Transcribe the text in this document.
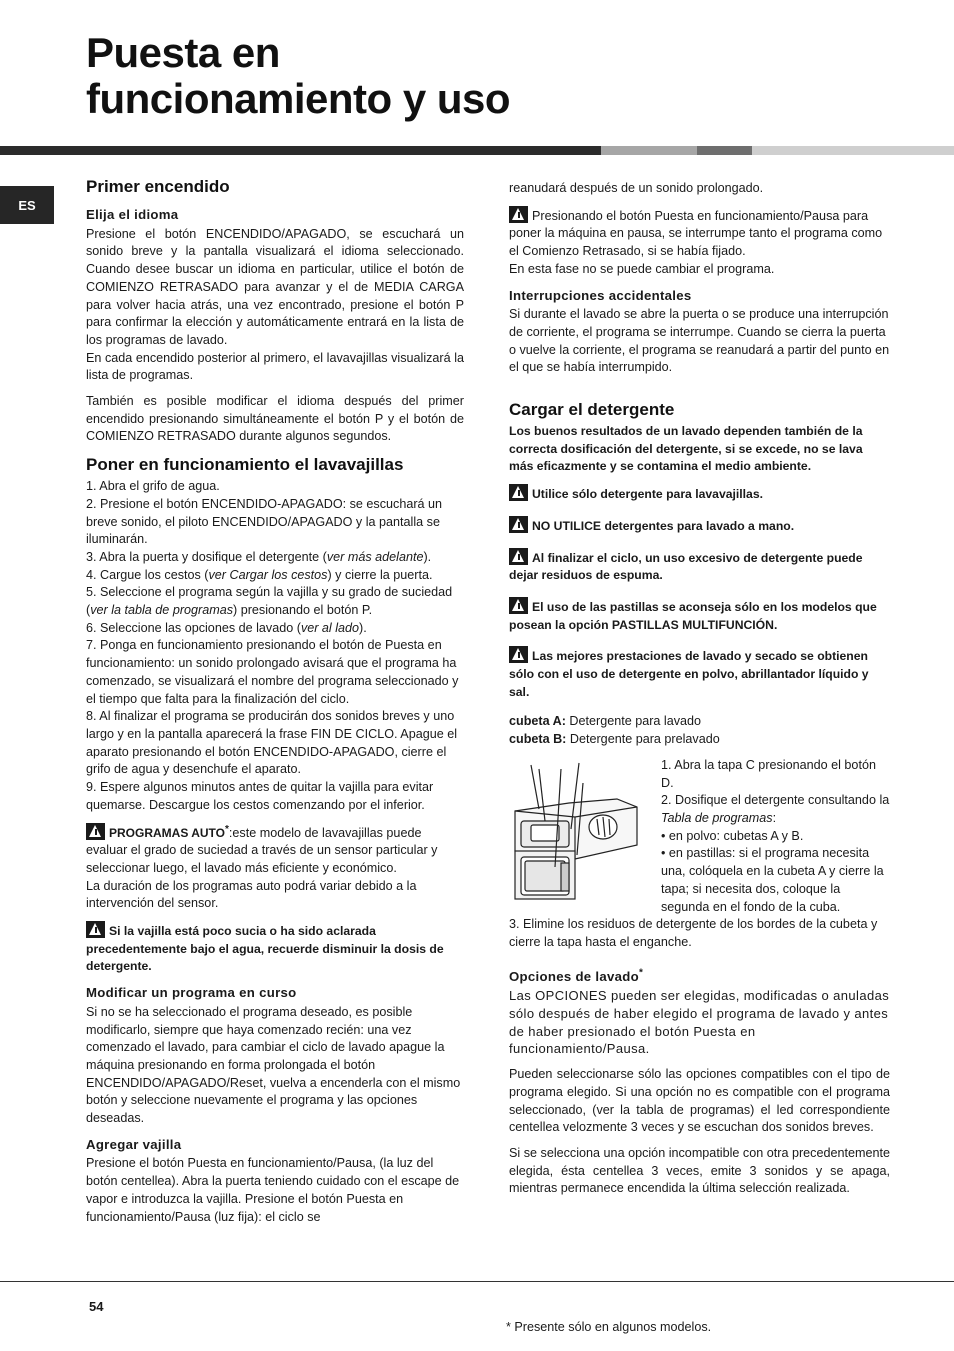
Puesta en
funcionamiento y uso
ES
Primer encendido
Elija el idioma

Presione el botón ENCENDIDO/APAGADO, se escuchará un sonido breve y la pantalla visualizará el idioma seleccionado. Cuando desee buscar un idioma en particular, utilice el botón de COMIENZO RETRASADO para avanzar y el de MEDIA CARGA para volver hacia atrás, una vez encontrado, presione el botón P para confirmar la elección y automáticamente entrará en la lista de los programas de lavado.

En cada encendido posterior al primero, el lavavajillas visualizará la lista de programas.

También es posible modificar el idioma después del primer encendido presionando simultáneamente el botón P y el botón de COMIENZO RETRASADO durante algunos segundos.

Poner en funcionamiento el lavavajillas

1. Abra el grifo de agua.

2. Presione el botón ENCENDIDO-APAGADO: se escuchará un breve sonido, el piloto ENCENDIDO/APAGADO y la pantalla se iluminarán.

3. Abra la puerta y dosifique el detergente (ver más adelante).

4. Cargue los cestos (ver Cargar los cestos) y cierre la puerta.

5. Seleccione el programa según la vajilla y su grado de suciedad (ver la tabla de programas) presionando el botón P.

6. Seleccione las opciones de lavado (ver al lado).

7. Ponga en funcionamiento presionando el botón de Puesta en funcionamiento: un sonido prolongado avisará que el programa ha comenzado, se visualizará el nombre del programa seleccionado y el tiempo que falta para la finalización del ciclo.

8. Al finalizar el programa se producirán dos sonidos breves y uno largo y en la pantalla aparecerá la frase FIN DE CICLO. Apague el aparato presionando el botón ENCENDIDO-APAGADO, cierre el grifo de agua y desenchufe el aparato.

9. Espere algunos minutos antes de quitar la vajilla para evitar quemarse. Descargue los cestos comenzando por el inferior.

PROGRAMAS AUTO*:este modelo de lavavajillas puede evaluar el grado de suciedad a través de un sensor particular y seleccionar luego, el lavado más eficiente y económico.

La duración de los programas auto podrá variar debido a la intervención del sensor.

Si la vajilla está poco sucia o ha sido aclarada precedentemente bajo el agua, recuerde disminuir la dosis de detergente.

Modificar un programa en curso

Si no se ha seleccionado el programa deseado, es posible modificarlo, siempre que haya comenzado recién: una vez comenzado el lavado, para cambiar el ciclo de lavado apague la máquina presionando en forma prolongada el botón ENCENDIDO/APAGADO/Reset, vuelva a encenderla con el mismo botón y seleccione nuevamente el programa y las opciones deseadas.

Agregar vajilla

Presione el botón Puesta en funcionamiento/Pausa, (la luz del botón centellea). Abra la puerta teniendo cuidado con el escape de vapor e introduzca la vajilla. Presione el botón Puesta en funcionamiento/Pausa (luz fija): el ciclo se

reanudará después de un sonido prolongado.

Presionando el botón Puesta en funcionamiento/Pausa para poner la máquina en pausa, se interrumpe tanto el programa como el Comienzo Retrasado, si se había fijado.

En esta fase no se puede cambiar el programa.

Interrupciones accidentales

Si durante el lavado se abre la puerta o se produce una interrupción de corriente, el programa se interrumpe. Cuando se cierra la puerta o vuelve la corriente, el programa se reanudará a partir del punto en el que se había interrumpido.

Cargar el detergente

Los buenos resultados de un lavado dependen también de la correcta dosificación del detergente, si se excede, no se lava más eficazmente y se contamina el medio ambiente.

Utilice sólo detergente para lavavajillas.

NO UTILICE detergentes para lavado a mano.

Al finalizar el ciclo, un uso excesivo de detergente puede dejar residuos de espuma.

El uso de las pastillas se aconseja sólo en los modelos que posean la opción PASTILLAS MULTIFUNCIÓN.

Las mejores prestaciones de lavado y secado se obtienen sólo con el uso de detergente en polvo, abrillantador líquido y sal.

cubeta A: Detergente para lavado

cubeta B: Detergente para prelavado

1. Abra la tapa C presionando el botón D.

2. Dosifique el detergente consultando la Tabla de programas:

• en polvo: cubetas A y B.

• en pastillas: si el programa necesita una, colóquela en la cubeta A y cierre la tapa; si necesita dos, coloque la segunda en el fondo de la cuba.

3. Elimine los residuos de detergente de los bordes de la cubeta y cierre la tapa hasta el enganche.

Opciones de lavado*

Las OPCIONES pueden ser elegidas, modificadas o anuladas sólo después de haber elegido el programa de lavado y antes de haber presionado el botón Puesta en funcionamiento/Pausa.

Pueden seleccionarse sólo las opciones compatibles con el tipo de programa elegido. Si una opción no es compatible con el programa seleccionado, (ver la tabla de programas) el led correspondiente centellea velozmente 3 veces y se escuchan dos sonidos breves.

Si se selecciona una opción incompatible con otra precedentemente elegida, ésta centellea 3 veces, emite 3 sonidos y se apaga, mientras permanece encendida la última selección realizada.

54
* Presente sólo en algunos modelos.
